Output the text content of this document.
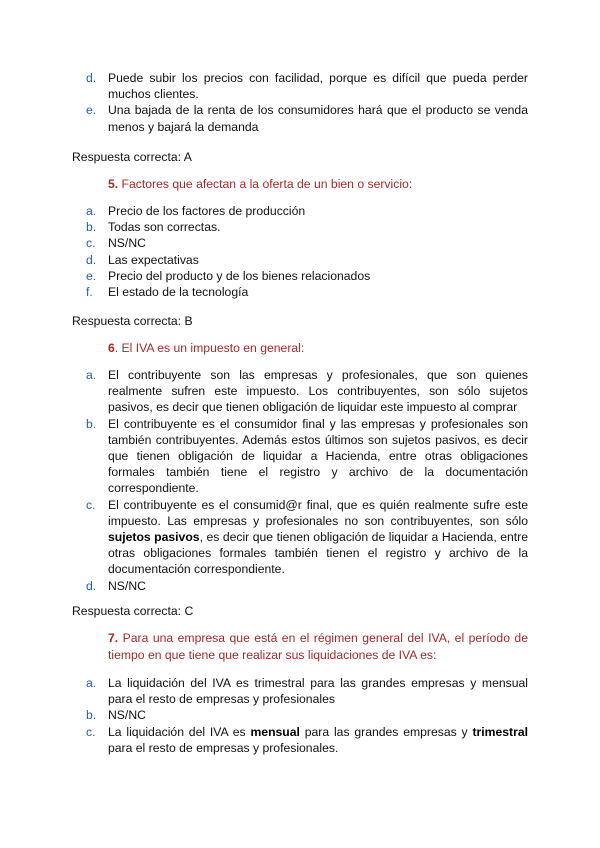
d. Puede subir los precios con facilidad, porque es difícil que pueda perder muchos clientes.
e. Una bajada de la renta de los consumidores hará que el producto se venda menos y bajará la demanda
Respuesta correcta: A
5. Factores que afectan a la oferta de un bien o servicio:
a. Precio de los factores de producción
b. Todas son correctas.
c. NS/NC
d. Las expectativas
e. Precio del producto y de los bienes relacionados
f. El estado de la tecnología
Respuesta correcta: B
6. El IVA es un impuesto en general:
a. El contribuyente son las empresas y profesionales, que son quienes realmente sufren este impuesto. Los contribuyentes, son sólo sujetos pasivos, es decir que tienen obligación de liquidar este impuesto al comprar
b. El contribuyente es el consumidor final y las empresas y profesionales son también contribuyentes. Además estos últimos son sujetos pasivos, es decir que tienen obligación de liquidar a Hacienda, entre otras obligaciones formales también tiene el registro y archivo de la documentación correspondiente.
c. El contribuyente es el consumid@r final, que es quién realmente sufre este impuesto. Las empresas y profesionales no son contribuyentes, son sólo sujetos pasivos, es decir que tienen obligación de liquidar a Hacienda, entre otras obligaciones formales también tienen el registro y archivo de la documentación correspondiente.
d. NS/NC
Respuesta correcta: C
7. Para una empresa que está en el régimen general del IVA, el período de tiempo en que tiene que realizar sus liquidaciones de IVA es:
a. La liquidación del IVA es trimestral para las grandes empresas y mensual para el resto de empresas y profesionales
b. NS/NC
c. La liquidación del IVA es mensual para las grandes empresas y trimestral para el resto de empresas y profesionales.
